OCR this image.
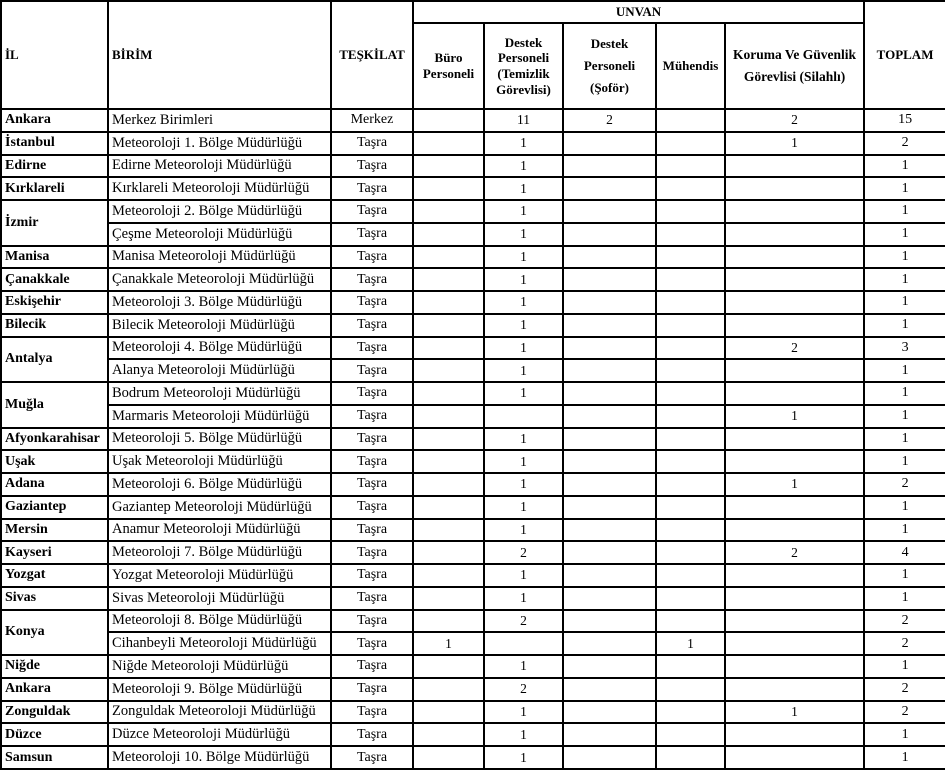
İL	BİRİM	TEŞKİLAT	UNVAN					TOPLAM
			Büro Personeli	Destek Personeli (Temizlik Görevlisi)	Destek Personeli (Şoför)	Mühendis	Koruma Ve Güvenlik Görevlisi (Silahlı)	
Ankara	Merkez Birimleri	Merkez		11	2		2	15
İstanbul	Meteoroloji 1. Bölge Müdürlüğü	Taşra		1			1	2
Edirne	Edirne Meteoroloji Müdürlüğü	Taşra		1				1
Kırklareli	Kırklareli Meteoroloji Müdürlüğü	Taşra		1				1
İzmir	Meteoroloji 2. Bölge Müdürlüğü	Taşra		1				1
	Çeşme Meteoroloji Müdürlüğü	Taşra		1				1
Manisa	Manisa Meteoroloji Müdürlüğü	Taşra		1				1
Çanakkale	Çanakkale Meteoroloji Müdürlüğü	Taşra		1				1
Eskişehir	Meteoroloji 3. Bölge Müdürlüğü	Taşra		1				1
Bilecik	Bilecik Meteoroloji Müdürlüğü	Taşra		1				1
Antalya	Meteoroloji 4. Bölge Müdürlüğü	Taşra		1			2	3
	Alanya Meteoroloji Müdürlüğü	Taşra		1				1
Muğla	Bodrum Meteoroloji Müdürlüğü	Taşra		1				1
	Marmaris Meteoroloji Müdürlüğü	Taşra					1	1
Afyonkarahisar	Meteoroloji 5. Bölge Müdürlüğü	Taşra		1				1
Uşak	Uşak Meteoroloji Müdürlüğü	Taşra		1				1
Adana	Meteoroloji 6. Bölge Müdürlüğü	Taşra		1			1	2
Gaziantep	Gaziantep Meteoroloji Müdürlüğü	Taşra		1				1
Mersin	Anamur Meteoroloji Müdürlüğü	Taşra		1				1
Kayseri	Meteoroloji 7. Bölge Müdürlüğü	Taşra		2			2	4
Yozgat	Yozgat Meteoroloji Müdürlüğü	Taşra		1				1
Sivas	Sivas Meteoroloji Müdürlüğü	Taşra		1				1
Konya	Meteoroloji 8. Bölge Müdürlüğü	Taşra		2				2
	Cihanbeyli Meteoroloji Müdürlüğü	Taşra	1			1		2
Niğde	Niğde Meteoroloji Müdürlüğü	Taşra		1				1
Ankara	Meteoroloji 9. Bölge Müdürlüğü	Taşra		2				2
Zonguldak	Zonguldak Meteoroloji Müdürlüğü	Taşra		1			1	2
Düzce	Düzce Meteoroloji Müdürlüğü	Taşra		1				1
Samsun	Meteoroloji 10. Bölge Müdürlüğü	Taşra		1				1
